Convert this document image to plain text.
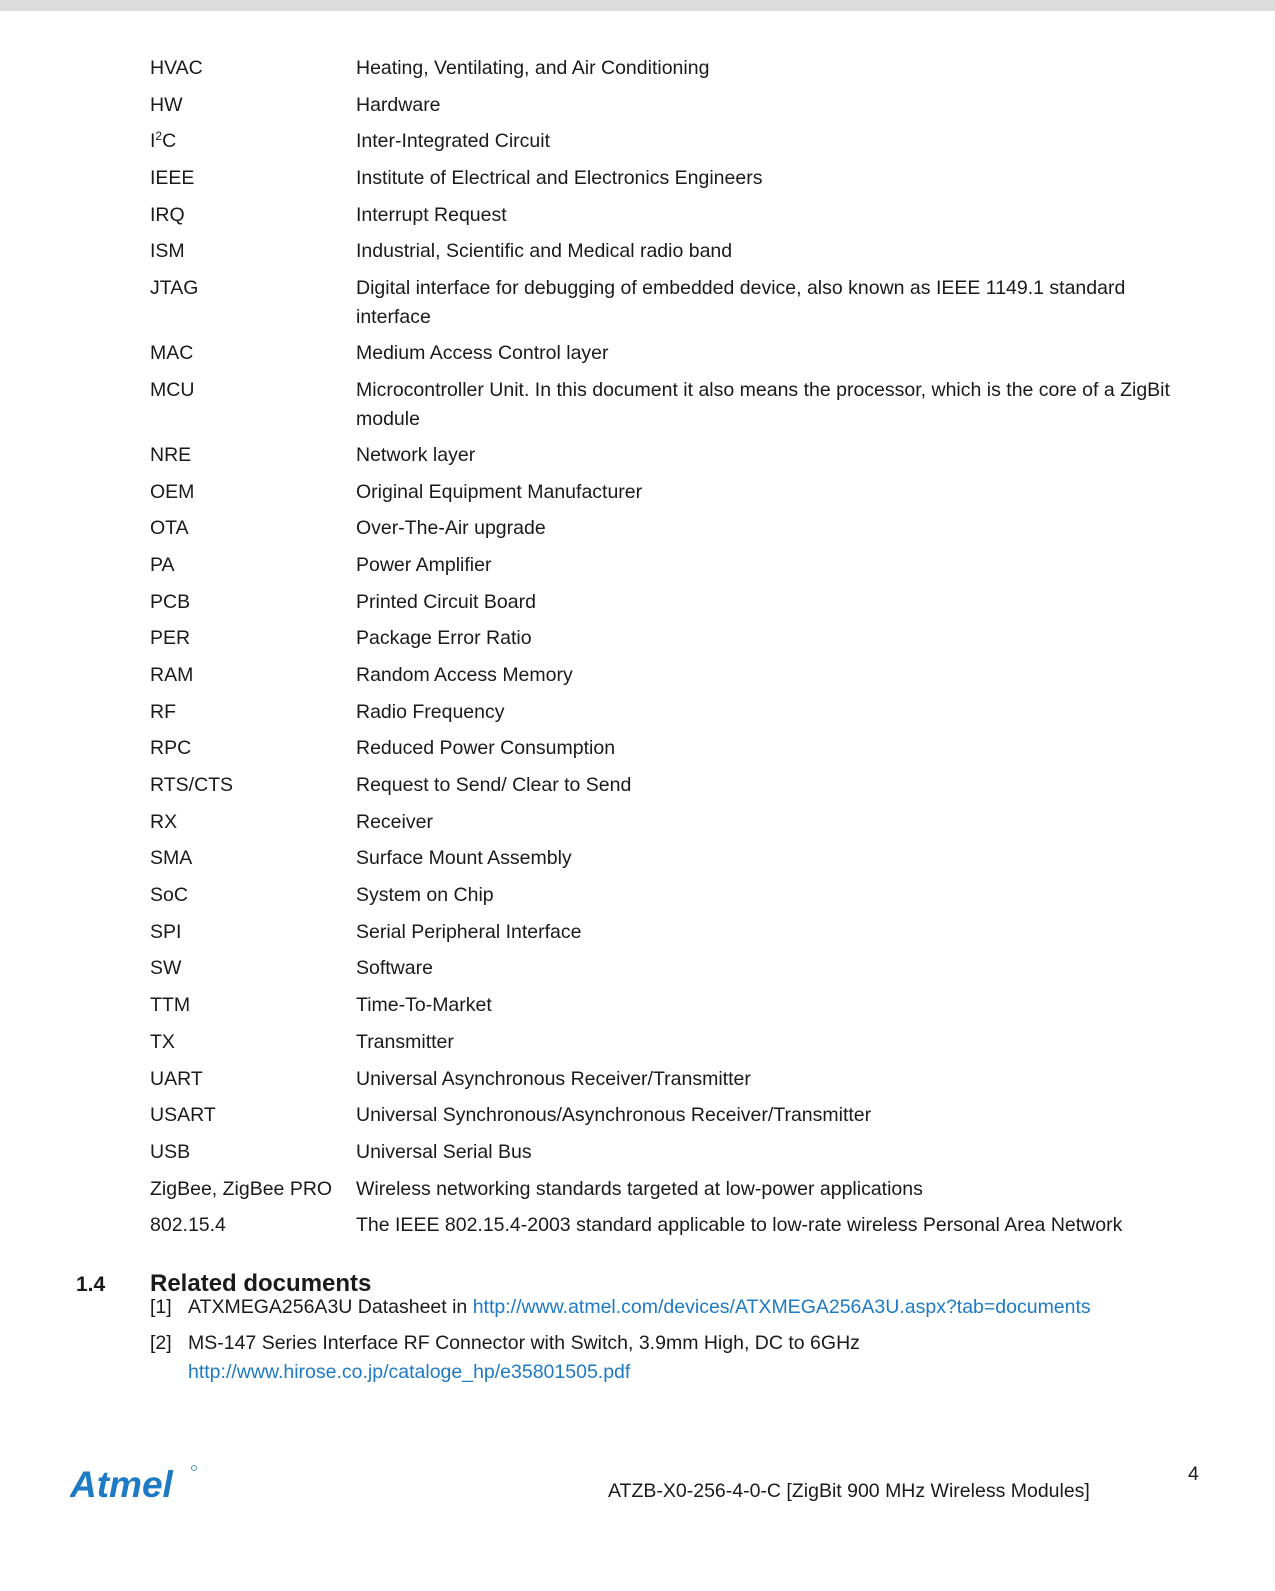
HVAC	Heating, Ventilating, and Air Conditioning
HW	Hardware
$I^2C$	Inter-Integrated Circuit
IEEE	Institute of Electrical and Electronics Engineers
IRQ	Interrupt Request
ISM	Industrial, Scientific and Medical radio band
JTAG	Digital interface for debugging of embedded device, also known as IEEE 1149.1 standard interface
MAC	Medium Access Control layer
MCU	Microcontroller Unit. In this document it also means the processor, which is the core of a ZigBit module
NRE	Network layer
OEM	Original Equipment Manufacturer
OTA	Over-The-Air upgrade
PA	Power Amplifier
PCB	Printed Circuit Board
PER	Package Error Ratio
RAM	Random Access Memory
RF	Radio Frequency
RPC	Reduced Power Consumption
RTS/CTS	Request to Send/ Clear to Send
RX	Receiver
SMA	Surface Mount Assembly
SoC	System on Chip
SPI	Serial Peripheral Interface
SW	Software
TTM	Time-To-Market
TX	Transmitter
UART	Universal Asynchronous Receiver/Transmitter
USART	Universal Synchronous/Asynchronous Receiver/Transmitter
USB	Universal Serial Bus
ZigBee, ZigBee PRO	Wireless networking standards targeted at low-power applications
802.15.4	The IEEE 802.15.4-2003 standard applicable to low-rate wireless Personal Area Network
1.4 Related documents
[1] ATXMEGA256A3U Datasheet in http://www.atmel.com/devices/ATXMEGA256A3U.aspx?tab=documents
[2] MS-147 Series Interface RF Connector with Switch, 3.9mm High, DC to 6GHz
http://www.hirose.co.jp/cataloge_hp/e35801505.pdf
Atmel	ATZB-X0-256-4-0-C [ZigBit 900 MHz Wireless Modules]
4
